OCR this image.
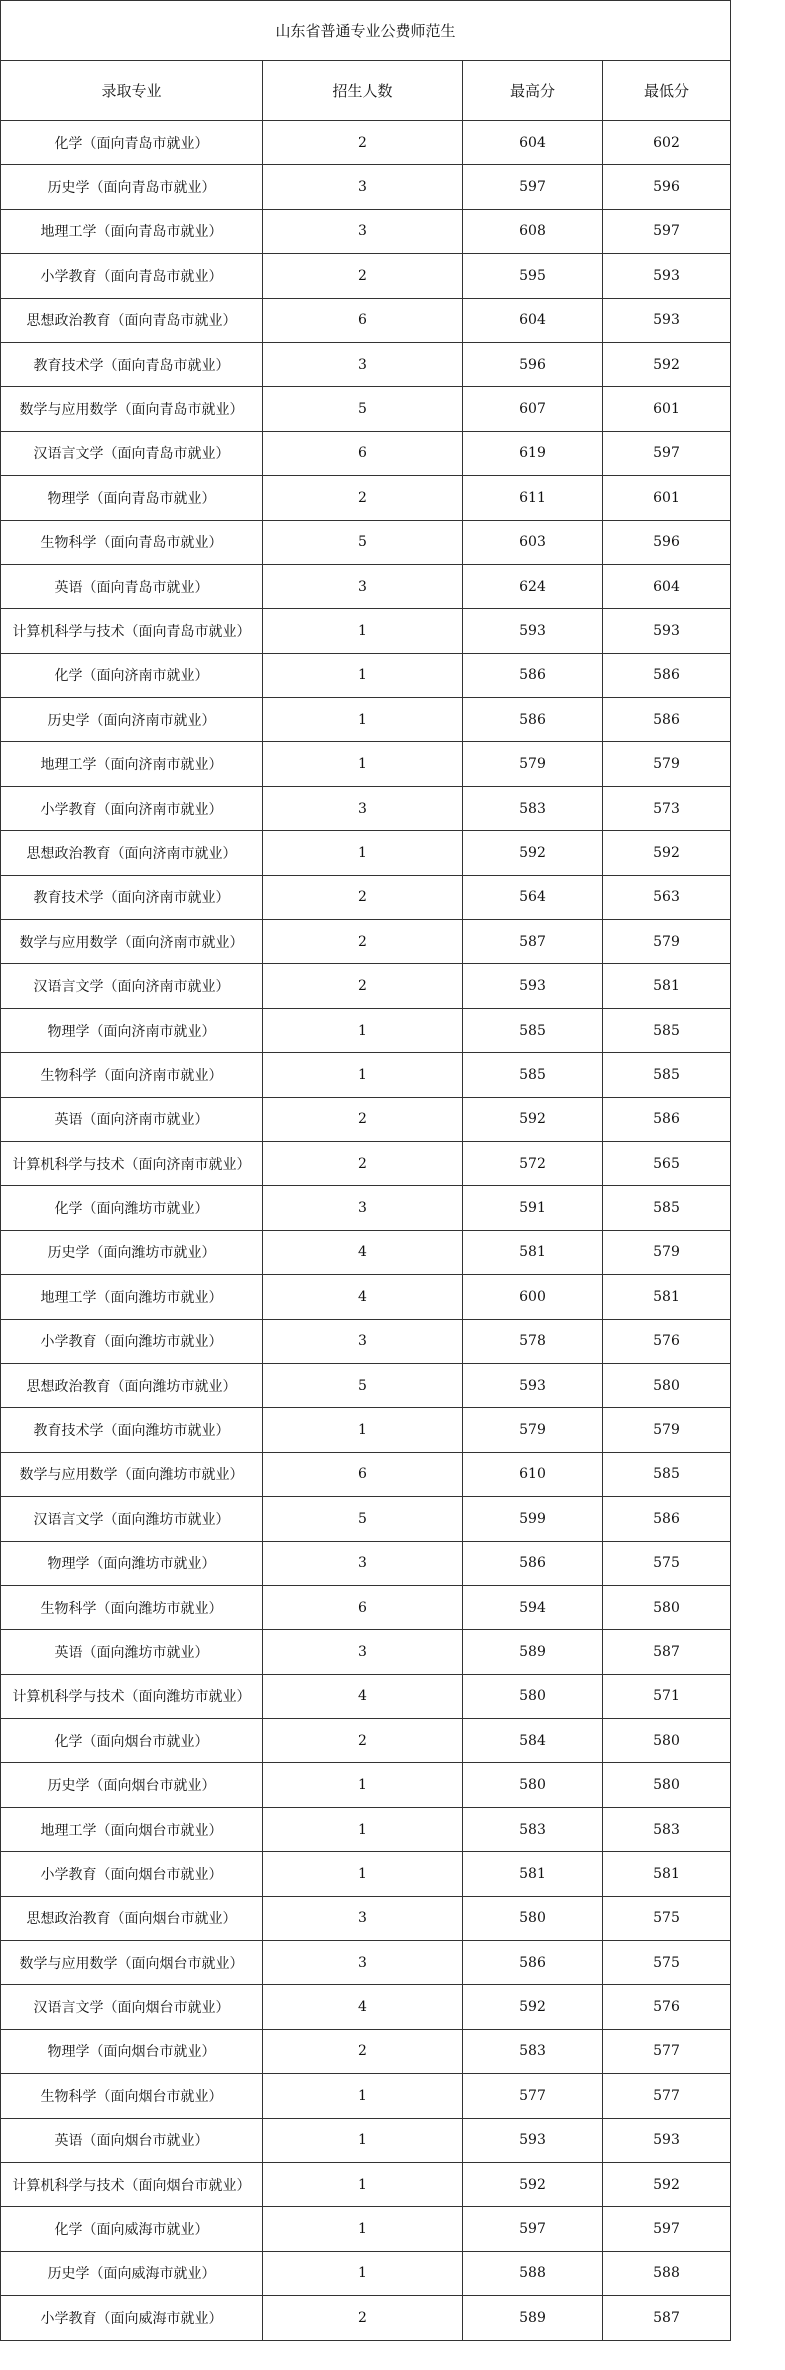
山东省普通专业公费师范生			
录取专业	招生人数	最高分	最低分
化学（面向青岛市就业）	2	604	602
历史学（面向青岛市就业）	3	597	596
地理工学（面向青岛市就业）	3	608	597
小学教育（面向青岛市就业）	2	595	593
思想政治教育（面向青岛市就业）	6	604	593
教育技术学（面向青岛市就业）	3	596	592
数学与应用数学（面向青岛市就业）	5	607	601
汉语言文学（面向青岛市就业）	6	619	597
物理学（面向青岛市就业）	2	611	601
生物科学（面向青岛市就业）	5	603	596
英语（面向青岛市就业）	3	624	604
计算机科学与技术（面向青岛市就业）	1	593	593
化学（面向济南市就业）	1	586	586
历史学（面向济南市就业）	1	586	586
地理工学（面向济南市就业）	1	579	579
小学教育（面向济南市就业）	3	583	573
思想政治教育（面向济南市就业）	1	592	592
教育技术学（面向济南市就业）	2	564	563
数学与应用数学（面向济南市就业）	2	587	579
汉语言文学（面向济南市就业）	2	593	581
物理学（面向济南市就业）	1	585	585
生物科学（面向济南市就业）	1	585	585
英语（面向济南市就业）	2	592	586
计算机科学与技术（面向济南市就业）	2	572	565
化学（面向潍坊市就业）	3	591	585
历史学（面向潍坊市就业）	4	581	579
地理工学（面向潍坊市就业）	4	600	581
小学教育（面向潍坊市就业）	3	578	576
思想政治教育（面向潍坊市就业）	5	593	580
教育技术学（面向潍坊市就业）	1	579	579
数学与应用数学（面向潍坊市就业）	6	610	585
汉语言文学（面向潍坊市就业）	5	599	586
物理学（面向潍坊市就业）	3	586	575
生物科学（面向潍坊市就业）	6	594	580
英语（面向潍坊市就业）	3	589	587
计算机科学与技术（面向潍坊市就业）	4	580	571
化学（面向烟台市就业）	2	584	580
历史学（面向烟台市就业）	1	580	580
地理工学（面向烟台市就业）	1	583	583
小学教育（面向烟台市就业）	1	581	581
思想政治教育（面向烟台市就业）	3	580	575
数学与应用数学（面向烟台市就业）	3	586	575
汉语言文学（面向烟台市就业）	4	592	576
物理学（面向烟台市就业）	2	583	577
生物科学（面向烟台市就业）	1	577	577
英语（面向烟台市就业）	1	593	593
计算机科学与技术（面向烟台市就业）	1	592	592
化学（面向威海市就业）	1	597	597
历史学（面向威海市就业）	1	588	588
小学教育（面向威海市就业）	2	589	587
